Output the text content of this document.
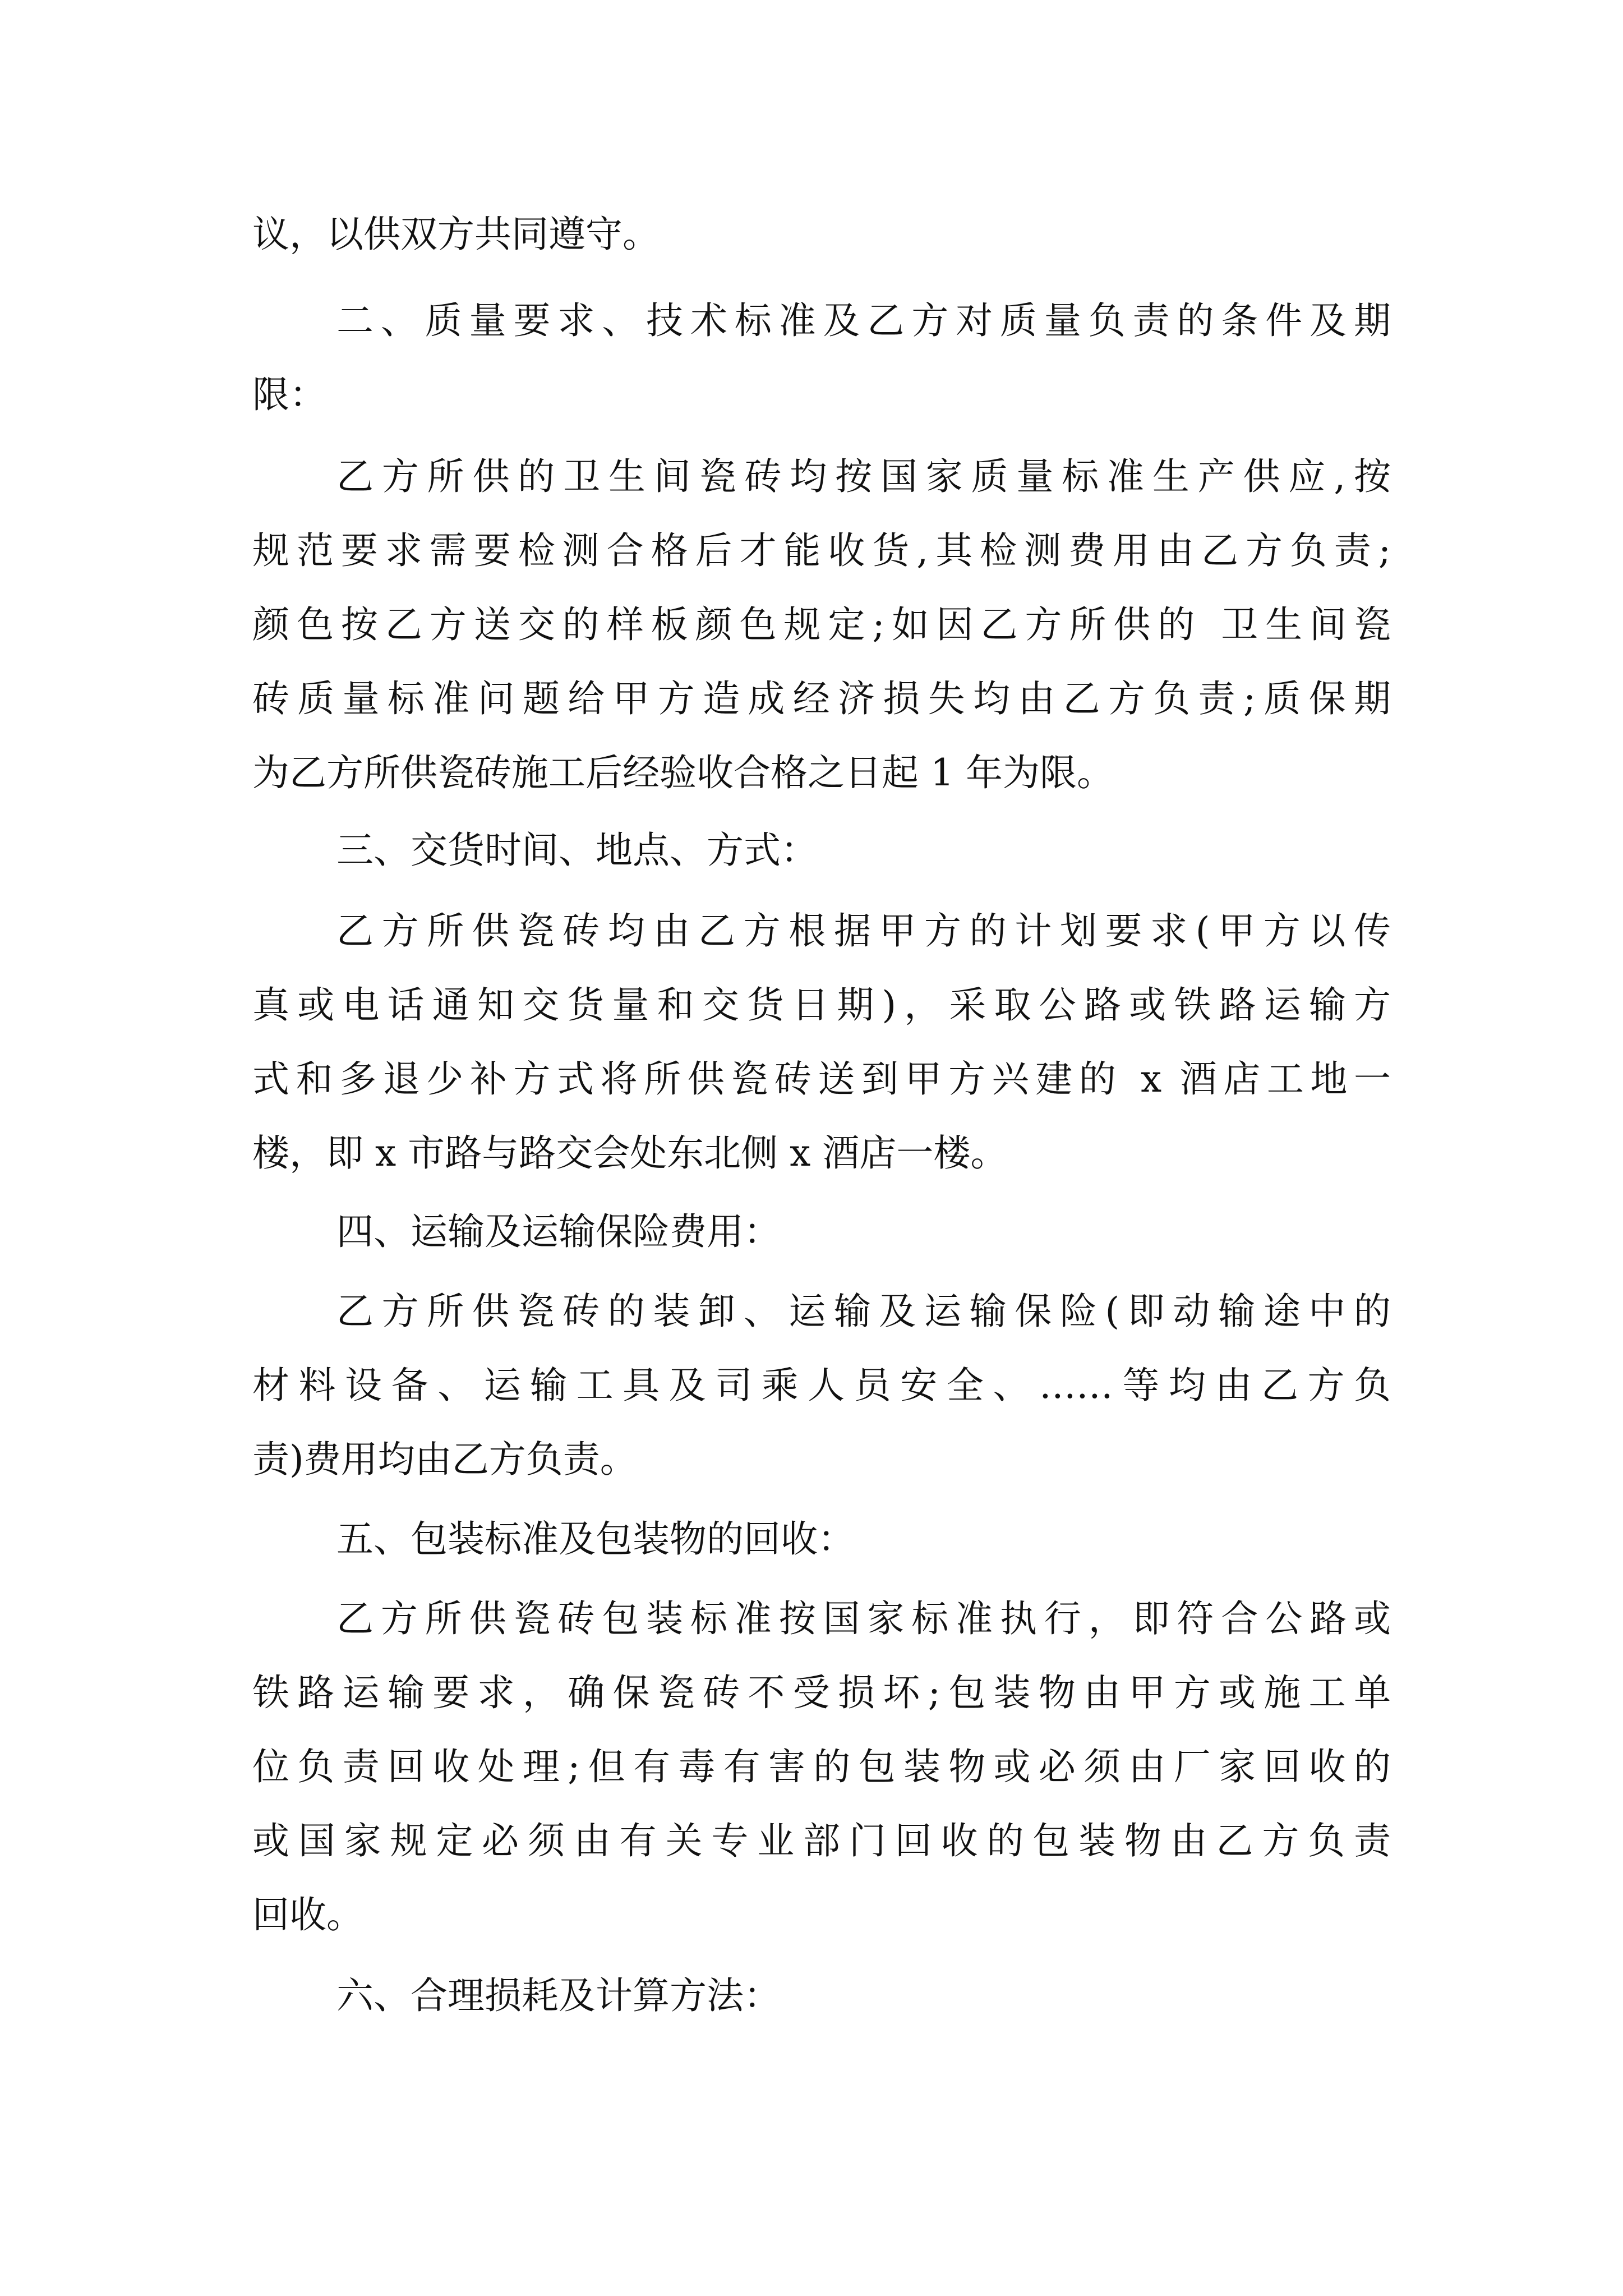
议，以供双方共同遵守。
二、质量要求、技术标准及乙方对质量负责的条件及期
限：
乙方所供的卫生间瓷砖均按国家质量标准生产供应,按
规范要求需要检测合格后才能收货,其检测费用由乙方负责;
颜色按乙方送交的样板颜色规定;如因乙方所供的 卫生间瓷
砖质量标准问题给甲方造成经济损失均由乙方负责;质保期
为乙方所供瓷砖施工后经验收合格之日起 1 年为限。
三、交货时间、地点、方式：
乙方所供瓷砖均由乙方根据甲方的计划要求(甲方以传
真或电话通知交货量和交货日期)，采取公路或铁路运输方
式和多退少补方式将所供瓷砖送到甲方兴建的 x 酒店工地一
楼，即 x 市路与路交会处东北侧 x 酒店一楼。
四、运输及运输保险费用：
乙方所供瓷砖的装卸、运输及运输保险(即动输途中的
材料设备、运输工具及司乘人员安全、……等均由乙方负
责)费用均由乙方负责。
五、包装标准及包装物的回收：
乙方所供瓷砖包装标准按国家标准执行，即符合公路或
铁路运输要求，确保瓷砖不受损坏;包装物由甲方或施工单
位负责回收处理;但有毒有害的包装物或必须由厂家回收的
或国家规定必须由有关专业部门回收的包装物由乙方负责
回收。
六、合理损耗及计算方法：
